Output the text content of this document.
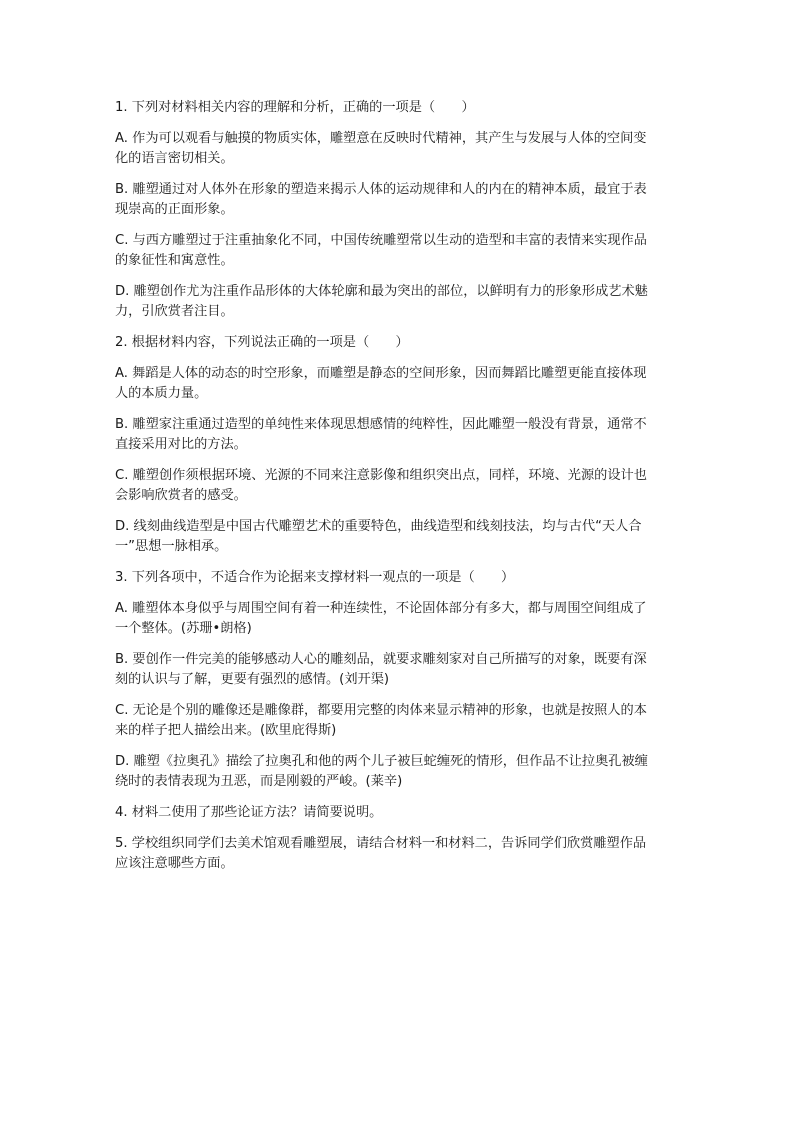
1. 下列对材料相关内容的理解和分析，正确的一项是（　　）

A. 作为可以观看与触摸的物质实体，雕塑意在反映时代精神，其产生与发展与人体的空间变

化的语言密切相关。

B. 雕塑通过对人体外在形象的塑造来揭示人体的运动规律和人的内在的精神本质，最宜于表

现崇高的正面形象。

C. 与西方雕塑过于注重抽象化不同，中国传统雕塑常以生动的造型和丰富的表情来实现作品

的象征性和寓意性。

D. 雕塑创作尤为注重作品形体的大体轮廓和最为突出的部位，以鲜明有力的形象形成艺术魅

力，引欣赏者注目。

2. 根据材料内容，下列说法正确的一项是（　　）

A. 舞蹈是人体的动态的时空形象，而雕塑是静态的空间形象，因而舞蹈比雕塑更能直接体现

人的本质力量。

B. 雕塑家注重通过造型的单纯性来体现思想感情的纯粹性，因此雕塑一般没有背景，通常不

直接采用对比的方法。

C. 雕塑创作须根据环境、光源的不同来注意影像和组织突出点，同样，环境、光源的设计也

会影响欣赏者的感受。

D. 线刻曲线造型是中国古代雕塑艺术的重要特色，曲线造型和线刻技法，均与古代“天人合

一”思想一脉相承。

3. 下列各项中，不适合作为论据来支撑材料一观点的一项是（　　）

A. 雕塑体本身似乎与周围空间有着一种连续性，不论固体部分有多大，都与周围空间组成了

一个整体。(苏珊•朗格)

B. 要创作一件完美的能够感动人心的雕刻品，就要求雕刻家对自己所描写的对象，既要有深

刻的认识与了解，更要有强烈的感情。(刘开渠)

C. 无论是个别的雕像还是雕像群，都要用完整的肉体来显示精神的形象，也就是按照人的本

来的样子把人描绘出来。(欧里庇得斯)

D. 雕塑《拉奥孔》描绘了拉奥孔和他的两个儿子被巨蛇缠死的情形，但作品不让拉奥孔被缠

绕时的表情表现为丑恶，而是刚毅的严峻。(莱辛)

4. 材料二使用了那些论证方法？请简要说明。

5. 学校组织同学们去美术馆观看雕塑展，请结合材料一和材料二，告诉同学们欣赏雕塑作品

应该注意哪些方面。
